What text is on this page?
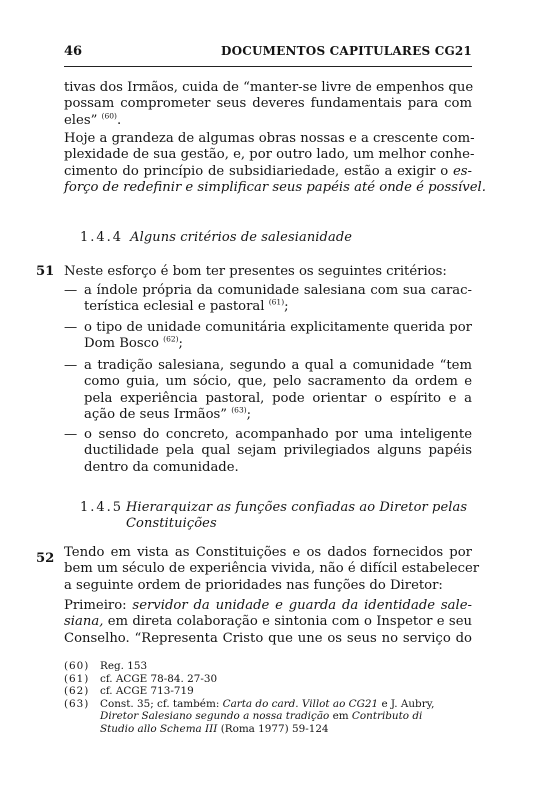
46	DOCUMENTOS CAPITULARES CG21
tivas dos Irmãos, cuida de “manter-se livre de empenhos que
possam comprometer seus deveres fundamentais para com
eles” $^{(60)}$.
Hoje a grandeza de algumas obras nossas e a crescente com-
plexidade de sua gestão, e, por outro lado, um melhor conhe-
cimento do princípio de subsidiariedade, estão a exigir o es-
forço de redefinir e simplificar seus papéis até onde é possível.
1.4.4 Alguns critérios de salesianidade
51 Neste esforço é bom ter presentes os seguintes critérios:
— a índole própria da comunidade salesiana com sua carac-
terística eclesial e pastoral $^{(61)}$;
— o tipo de unidade comunitária explicitamente querida por
Dom Bosco $^{(62)}$;
— a tradição salesiana, segundo a qual a comunidade “tem
como guia, um sócio, que, pelo sacramento da ordem e
pela experiência pastoral, pode orientar o espírito e a
ação de seus Irmãos” $^{(63)}$;
— o senso do concreto, acompanhado por uma inteligente
ductilidade pela qual sejam privilegiados alguns papéis
dentro da comunidade.
1.4.5 Hierarquizar as funções confiadas ao Diretor pelas
Constituições
52 Tendo em vista as Constituições e os dados fornecidos por
bem um século de experiência vivida, não é difícil estabelecer
a seguinte ordem de prioridades nas funções do Diretor:
Primeiro: servidor da unidade e guarda da identidade sale-
siana, em direta colaboração e sintonia com o Inspetor e seu
Conselho. “Representa Cristo que une os seus no serviço do
(60) Reg. 153
(61) cf. ACGE 78-84. 27-30
(62) cf. ACGE 713-719
(63) Const. 35; cf. também: Carta do card. Villot ao CG21 e J. Aubry,
Diretor Salesiano segundo a nossa tradição em Contributo di
Studio allo Schema III (Roma 1977) 59-124
